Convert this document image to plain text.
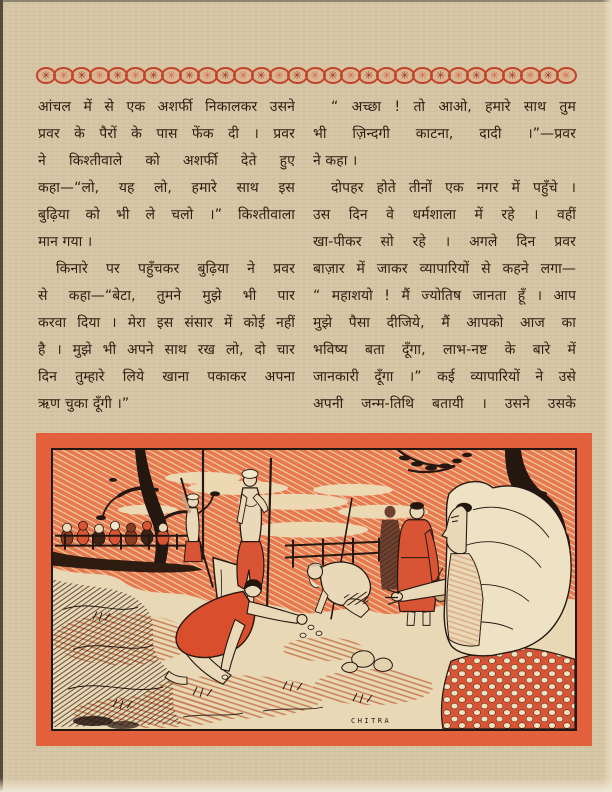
✳ ✳ ✳ ✳ ✳ ✳ ✳ ✳ ✳ ✳ ✳ ✳ ✳ ✳ ✳ ✳ ✳ ✳ ✳ ✳ ✳ ✳ ✳ ✳ ✳ ✳ ✳ ✳ ✳ ✳
आंचल में से एक अशर्फी निकालकर उसने
प्रवर के पैरों के पास फेंक दी । प्रवर
ने किश्तीवाले को अशर्फी देते हुए
कहा—“लो, यह लो, हमारे साथ इस
बुढ़िया को भी ले चलो ।” किश्तीवाला
मान गया ।
किनारे पर पहुँचकर बुढ़िया ने प्रवर
से कहा—“बेटा, तुमने मुझे भी पार
करवा दिया । मेरा इस संसार में कोई नहीं
है । मुझे भी अपने साथ रख लो, दो चार
दिन तुम्हारे लिये खाना पकाकर अपना
ऋण चुका दूँगी ।”
“ अच्छा ! तो आओ, हमारे साथ तुम
भी ज़िन्दगी काटना, दादी ।”—प्रवर
ने कहा ।
दोपहर होते तीनों एक नगर में पहुँचे ।
उस दिन वे धर्मशाला में रहे । वहीं
खा-पीकर सो रहे । अगले दिन प्रवर
बाज़ार में जाकर व्यापारियों से कहने लगा—
“ महाशयो ! मैं ज्योतिष जानता हूँ । आप
मुझे पैसा दीजिये, मैं आपको आज का
भविष्य बता दूँगा, लाभ-नष्ट के बारे में
जानकारी दूँगा ।” कई व्यापारियों ने उसे
अपनी जन्म-तिथि बतायी । उसने उसके
CHITRA
